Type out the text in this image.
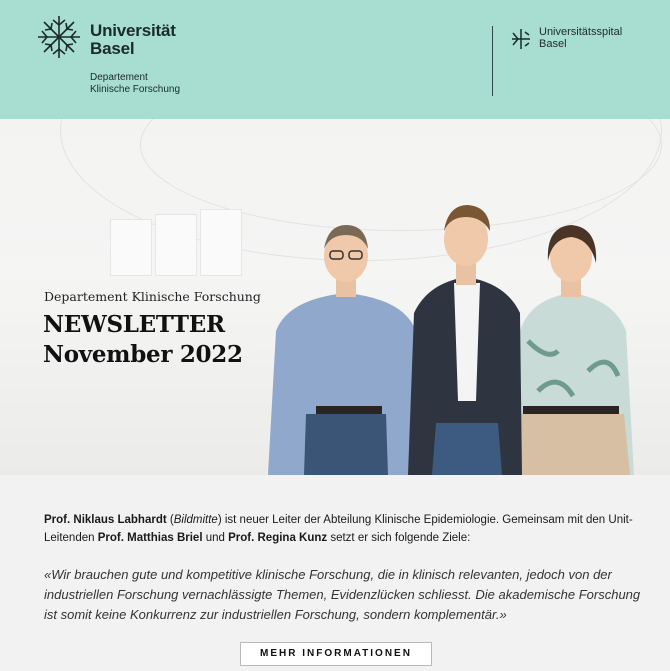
Universität
Basel
Departement
Klinische Forschung
Universitätsspital
Basel
Departement Klinische Forschung
NEWSLETTER
November 2022
Prof. Niklaus Labhardt (Bildmitte) ist neuer Leiter der Abteilung Klinische Epidemiologie. Gemeinsam mit den Unit-Leitenden Prof. Matthias Briel und Prof. Regina Kunz setzt er sich folgende Ziele:
«Wir brauchen gute und kompetitive klinische Forschung, die in klinisch relevanten, jedoch von der industriellen Forschung vernachlässigte Themen, Evidenzlücken schliesst. Die akademische Forschung ist somit keine Konkurrenz zur industriellen Forschung, sondern komplementär.»
MEHR INFORMATIONEN
